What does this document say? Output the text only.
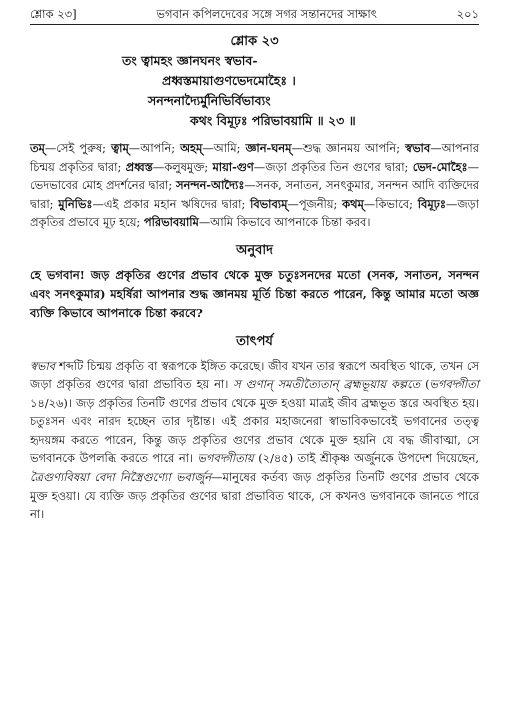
শ্লোক ২৩]	ভগবান কপিলদেবের সঙ্গে সগর সন্তানদের সাক্ষাৎ	২০১
শ্লোক ২৩
তং ত্বামহং জ্ঞানঘনং স্বভাব-
প্রধ্বস্তমায়াগুণভেদমোহৈঃ ।
সনন্দনাদ্যৈর্মুনিভির্বিভাব্যং
কথং বিমূঢ়ঃ পরিভাবয়ামি ॥ ২৩ ॥

তম্—সেই পুরুষ; ত্বাম্—আপনি; অহম্—আমি; জ্ঞান-ঘনম্—শুদ্ধ জ্ঞানময় আপনি; স্বভাব—আপনার চিন্ময় প্রকৃতির দ্বারা; প্রধ্বস্ত—কলুষমুক্ত; মায়া-গুণ—জড়া প্রকৃতির তিন গুণের দ্বারা; ভেদ-মোহৈঃ—ভেদভাবের মোহ প্রদর্শনের দ্বারা; সনন্দন-আদ্যৈঃ—সনক, সনাতন, সনৎকুমার, সনন্দন আদি ব্যক্তিদের দ্বারা; মুনিভিঃ—এই প্রকার মহান ঋষিদের দ্বারা; বিভাব্যম্—পূজনীয়; কথম্—কিভাবে; বিমূঢ়ঃ—জড়া প্রকৃতির প্রভাবে মূঢ় হয়ে; পরিভাবয়ামি—আমি কিভাবে আপনাকে চিন্তা করব।

অনুবাদ

হে ভগবান! জড় প্রকৃতির গুণের প্রভাব থেকে মুক্ত চতুঃসনদের মতো (সনক, সনাতন, সনন্দন এবং সনৎকুমার) মহর্ষিরা আপনার শুদ্ধ জ্ঞানময় মূর্তি চিন্তা করতে পারেন, কিন্তু আমার মতো অজ্ঞ ব্যক্তি কিভাবে আপনাকে চিন্তা করবে?

তাৎপর্য

স্বভাব শব্দটি চিন্ময় প্রকৃতি বা স্বরূপকে ইঙ্গিত করেছে। জীব যখন তার স্বরূপে অবস্থিত থাকে, তখন সে জড়া প্রকৃতির গুণের দ্বারা প্রভাবিত হয় না। স গুণান্ সমতীত্যৈতান্ ব্রহ্মভূয়ায় কল্পতে (ভগবদ্গীতা ১৪/২৬)। জড় প্রকৃতির তিনটি গুণের প্রভাব থেকে মুক্ত হওয়া মাত্রই জীব ব্রহ্মভূত স্তরে অবস্থিত হয়। চতুঃসন এবং নারদ হচ্ছেন তার দৃষ্টান্ত। এই প্রকার মহাজনেরা স্বাভাবিকভাবেই ভগবানের তত্ত্ব হৃদয়ঙ্গম করতে পারেন, কিন্তু জড় প্রকৃতির গুণের প্রভাব থেকে মুক্ত হয়নি যে বদ্ধ জীবাত্মা, সে ভগবানকে উপলব্ধি করতে পারে না। ভগবদ্গীতায় (২/৪৫) তাই শ্রীকৃষ্ণ অর্জুনকে উপদেশ দিয়েছেন, ত্রৈগুণ্যবিষয়া বেদা নিস্ত্রৈগুণ্যো ভবার্জুন—মানুষের কর্তব্য জড় প্রকৃতির তিনটি গুণের প্রভাব থেকে মুক্ত হওয়া। যে ব্যক্তি জড় প্রকৃতির গুণের দ্বারা প্রভাবিত থাকে, সে কখনও ভগবানকে জানতে পারে না।
